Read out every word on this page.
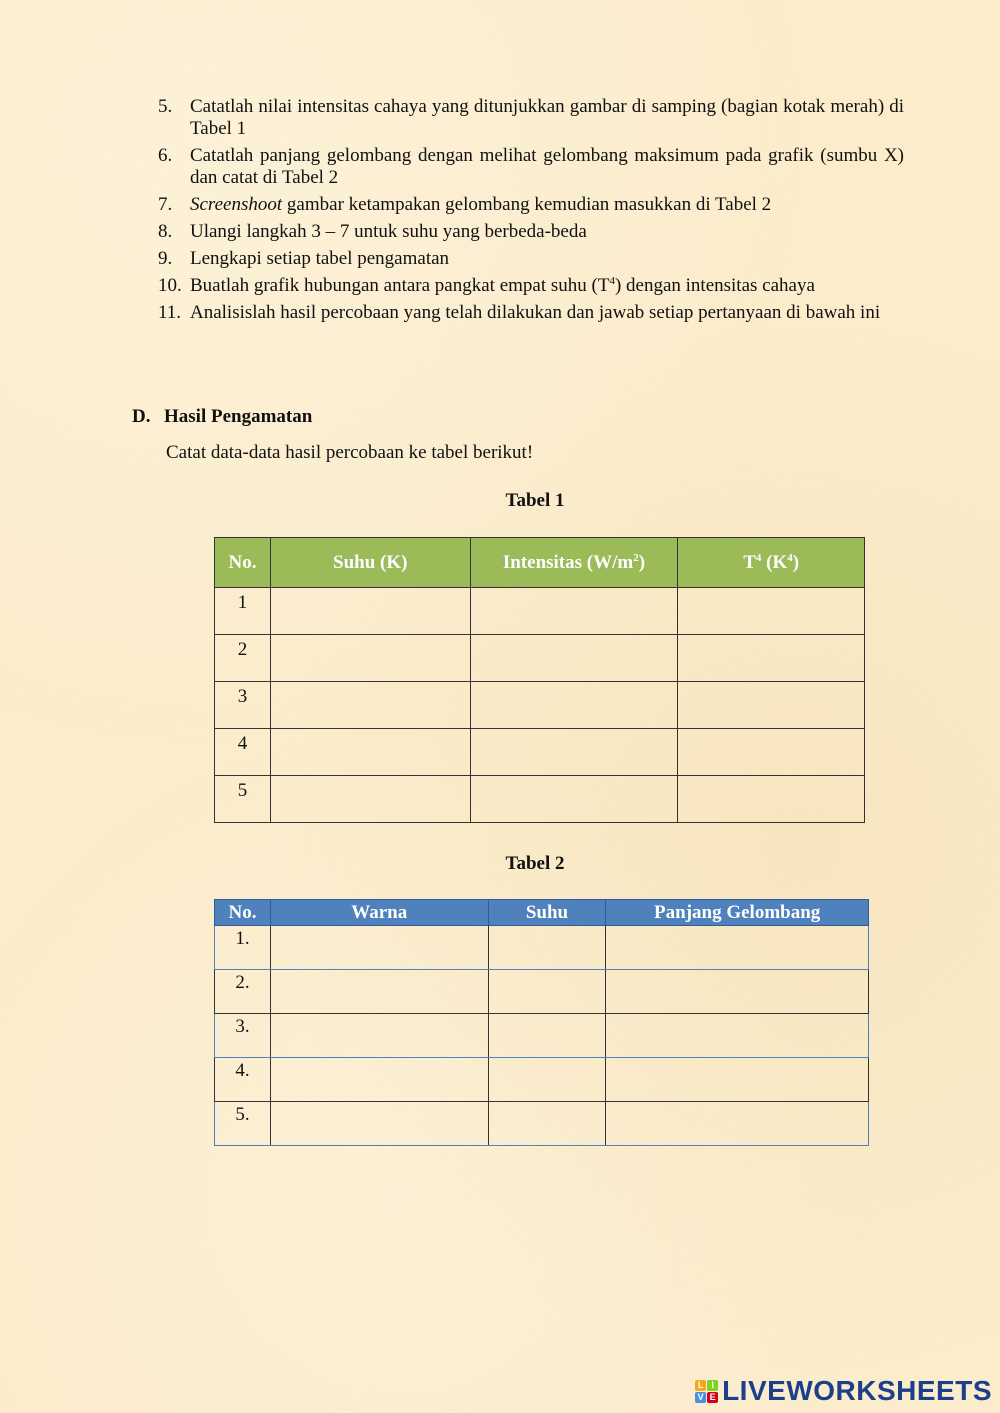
5. Catatlah nilai intensitas cahaya yang ditunjukkan gambar di samping (bagian kotak merah) di Tabel 1
6. Catatlah panjang gelombang dengan melihat gelombang maksimum pada grafik (sumbu X) dan catat di Tabel 2
7. Screenshoot gambar ketampakan gelombang kemudian masukkan di Tabel 2
8. Ulangi langkah 3 – 7 untuk suhu yang berbeda-beda
9. Lengkapi setiap tabel pengamatan
10. Buatlah grafik hubungan antara pangkat empat suhu $(T^4)$ dengan intensitas cahaya
11. Analisislah hasil percobaan yang telah dilakukan dan jawab setiap pertanyaan di bawah ini
D. Hasil Pengamatan
Catat data-data hasil percobaan ke tabel berikut!
Tabel 1
No.	Suhu (K)	Intensitas $(W/m^2)$	$T^4$ $(K^4)$
1			
2			
3			
4			
5			
Tabel 2
No.	Warna	Suhu	Panjang Gelombang
1.			
2.			
3.			
4.			
5.			
L I
V E LIVEWORKSHEETS
